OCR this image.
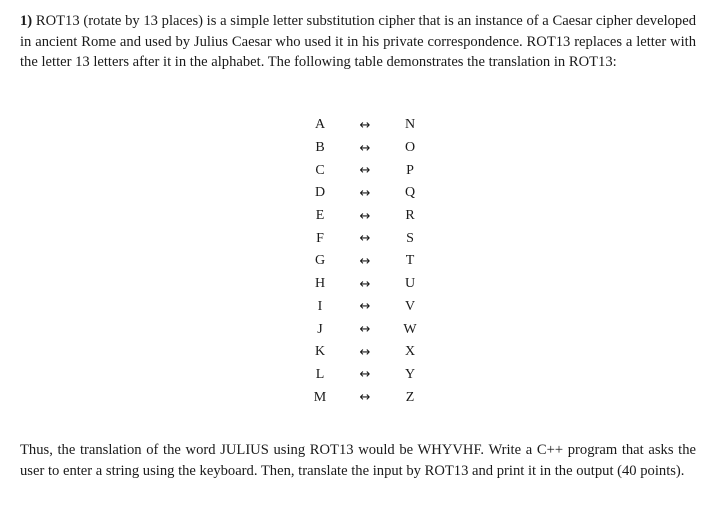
1) ROT13 (rotate by 13 places) is a simple letter substitution cipher that is an instance of a Caesar cipher developed in ancient Rome and used by Julius Caesar who used it in his private correspondence. ROT13 replaces a letter with the letter 13 letters after it in the alphabet. The following table demonstrates the translation in ROT13:

A	↔	N
B	↔	O
C	↔	P
D	↔	Q
E	↔	R
F	↔	S
G	↔	T
H	↔	U
I	↔	V
J	↔	W
K	↔	X
L	↔	Y
M	↔	Z

Thus, the translation of the word JULIUS using ROT13 would be WHYVHF. Write a C++ program that asks the user to enter a string using the keyboard. Then, translate the input by ROT13 and print it in the output (40 points).
